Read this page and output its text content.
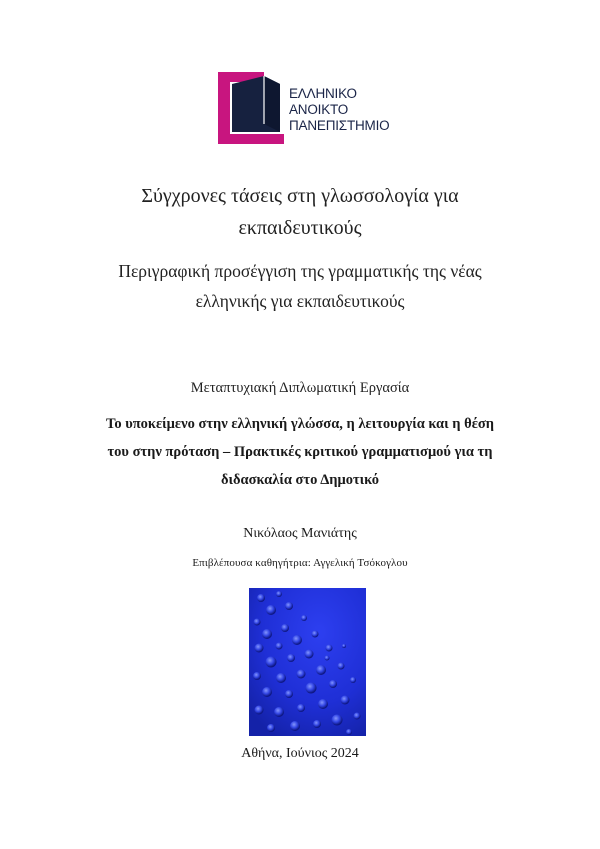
ΕΛΛΗΝΙΚΟ
ΑΝΟΙΚΤΟ
ΠΑΝΕΠΙΣΤΗΜΙΟ
Σύγχρονες τάσεις στη γλωσσολογία για
εκπαιδευτικούς
Περιγραφική προσέγγιση της γραμματικής της νέας
ελληνικής για εκπαιδευτικούς
Μεταπτυχιακή Διπλωματική Εργασία
Το υποκείμενο στην ελληνική γλώσσα, η λειτουργία και η θέση
του στην πρόταση – Πρακτικές κριτικού γραμματισμού για τη
διδασκαλία στο Δημοτικό
Νικόλαος Μανιάτης
Επιβλέπουσα καθηγήτρια: Αγγελική Τσόκογλου
Αθήνα, Ιούνιος 2024
